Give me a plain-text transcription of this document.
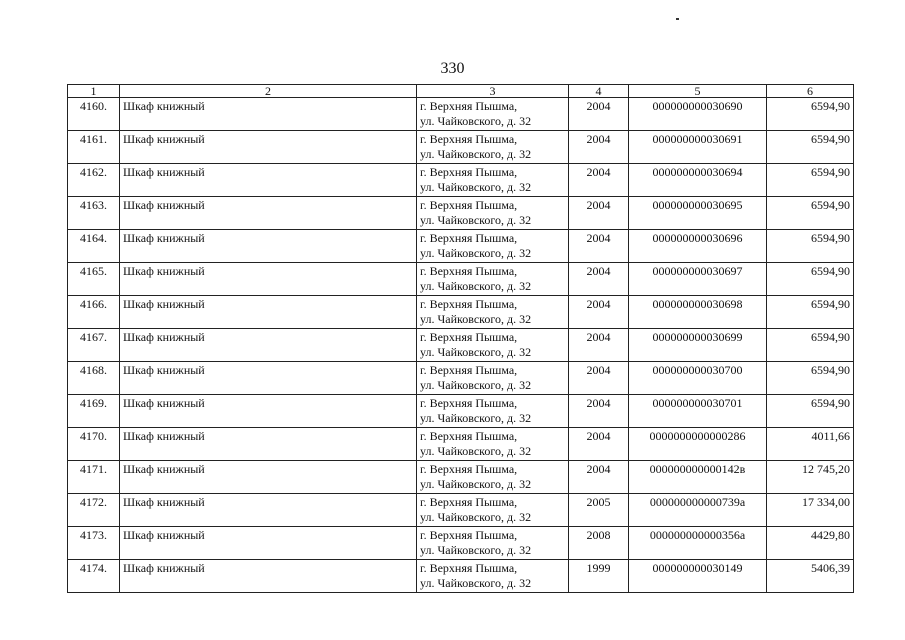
330
1	2	3	4	5	6
4160.	Шкаф книжный	г. Верхняя Пышма,
ул. Чайковского, д. 32	2004	000000000030690	6594,90
4161.	Шкаф книжный	г. Верхняя Пышма,
ул. Чайковского, д. 32	2004	000000000030691	6594,90
4162.	Шкаф книжный	г. Верхняя Пышма,
ул. Чайковского, д. 32	2004	000000000030694	6594,90
4163.	Шкаф книжный	г. Верхняя Пышма,
ул. Чайковского, д. 32	2004	000000000030695	6594,90
4164.	Шкаф книжный	г. Верхняя Пышма,
ул. Чайковского, д. 32	2004	000000000030696	6594,90
4165.	Шкаф книжный	г. Верхняя Пышма,
ул. Чайковского, д. 32	2004	000000000030697	6594,90
4166.	Шкаф книжный	г. Верхняя Пышма,
ул. Чайковского, д. 32	2004	000000000030698	6594,90
4167.	Шкаф книжный	г. Верхняя Пышма,
ул. Чайковского, д. 32	2004	000000000030699	6594,90
4168.	Шкаф книжный	г. Верхняя Пышма,
ул. Чайковского, д. 32	2004	000000000030700	6594,90
4169.	Шкаф книжный	г. Верхняя Пышма,
ул. Чайковского, д. 32	2004	000000000030701	6594,90
4170.	Шкаф книжный	г. Верхняя Пышма,
ул. Чайковского, д. 32	2004	0000000000000286	4011,66
4171.	Шкаф книжный	г. Верхняя Пышма,
ул. Чайковского, д. 32	2004	000000000000142в	12 745,20
4172.	Шкаф книжный	г. Верхняя Пышма,
ул. Чайковского, д. 32	2005	000000000000739а	17 334,00
4173.	Шкаф книжный	г. Верхняя Пышма,
ул. Чайковского, д. 32	2008	000000000000356а	4429,80
4174.	Шкаф книжный	г. Верхняя Пышма,
ул. Чайковского, д. 32	1999	000000000030149	5406,39
